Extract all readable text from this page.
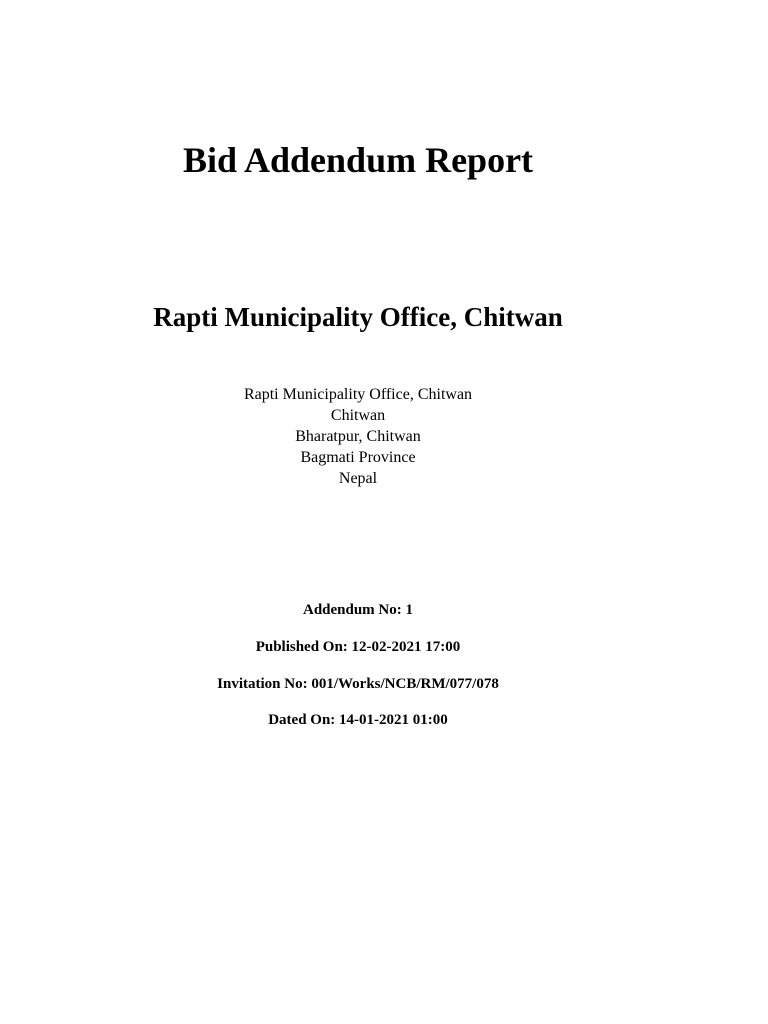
Bid Addendum Report
Rapti Municipality Office, Chitwan
Rapti Municipality Office, Chitwan
Chitwan
Bharatpur, Chitwan
Bagmati Province
Nepal
Addendum No: 1
Published On: 12-02-2021 17:00
Invitation No: 001/Works/NCB/RM/077/078
Dated On: 14-01-2021 01:00
